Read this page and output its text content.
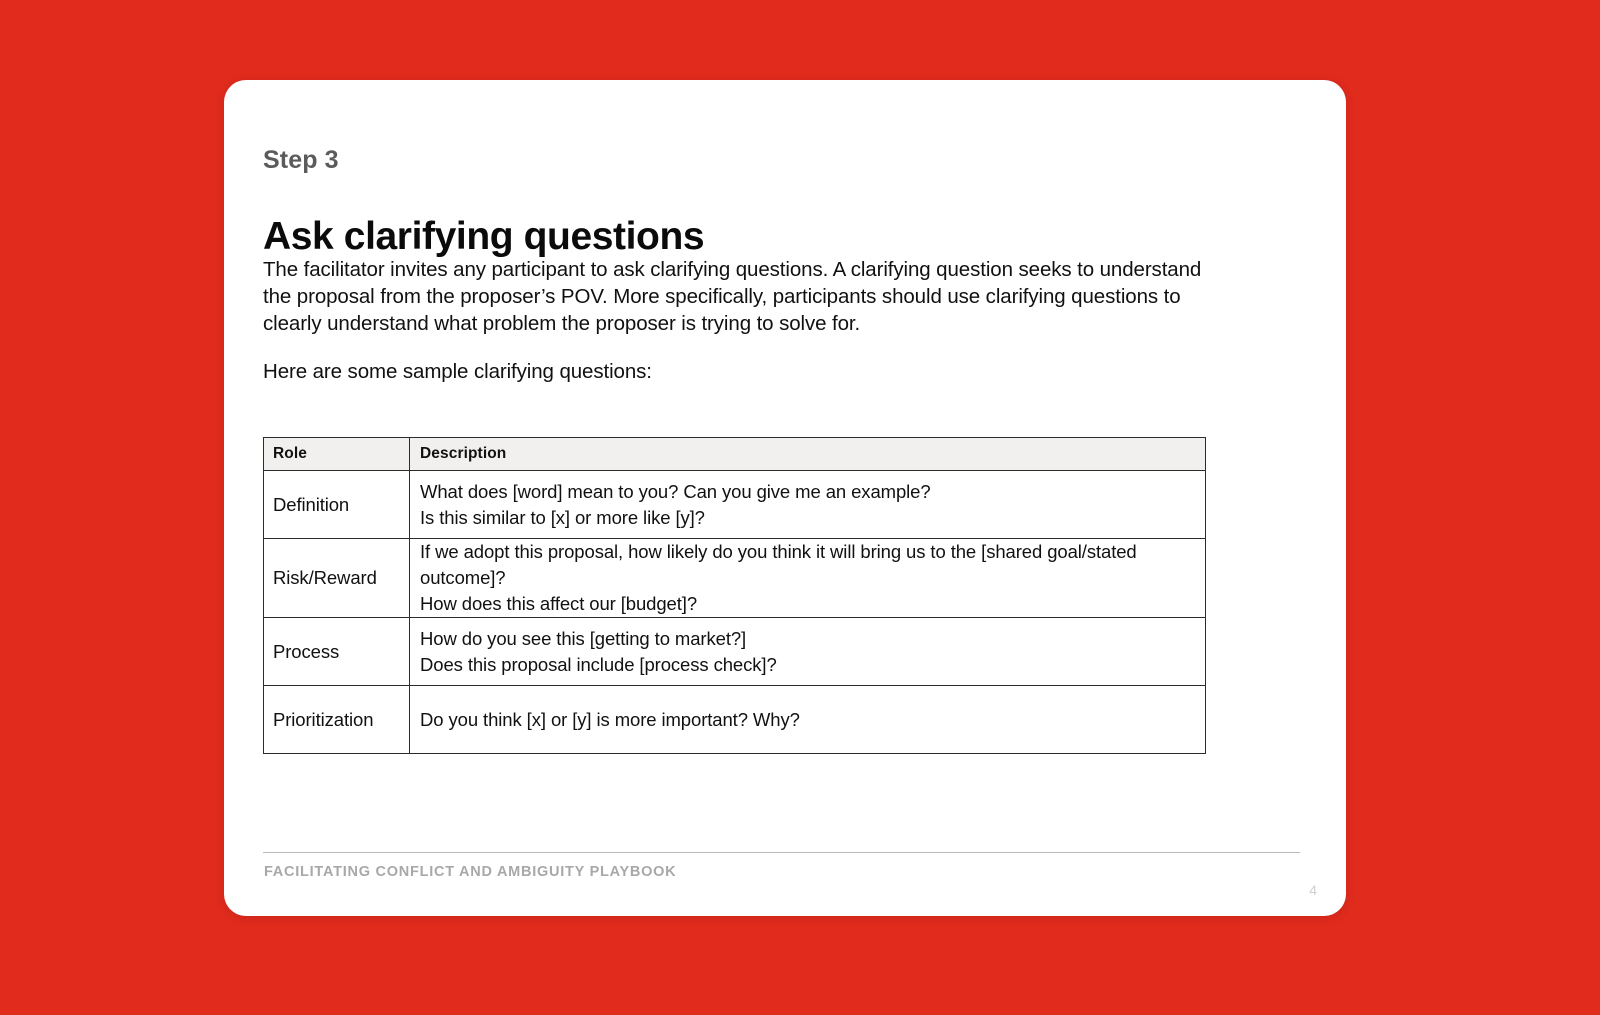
Step 3
Ask clarifying questions

The facilitator invites any participant to ask clarifying questions. A clarifying question seeks to understand the proposal from the proposer’s POV. More specifically, participants should use clarifying questions to clearly understand what problem the proposer is trying to solve for.

Here are some sample clarifying questions:

Role	Description
Definition	What does [word] mean to you? Can you give me an example?
Is this similar to [x] or more like [y]?

Risk/Reward	If we adopt this proposal, how likely do you think it will bring us to the [shared goal/stated outcome]?
How does this affect our [budget]?

Process	How do you see this [getting to market?]
Does this proposal include [process check]?

Prioritization	Do you think [x] or [y] is more important? Why?
FACILITATING CONFLICT AND AMBIGUITY PLAYBOOK
4
